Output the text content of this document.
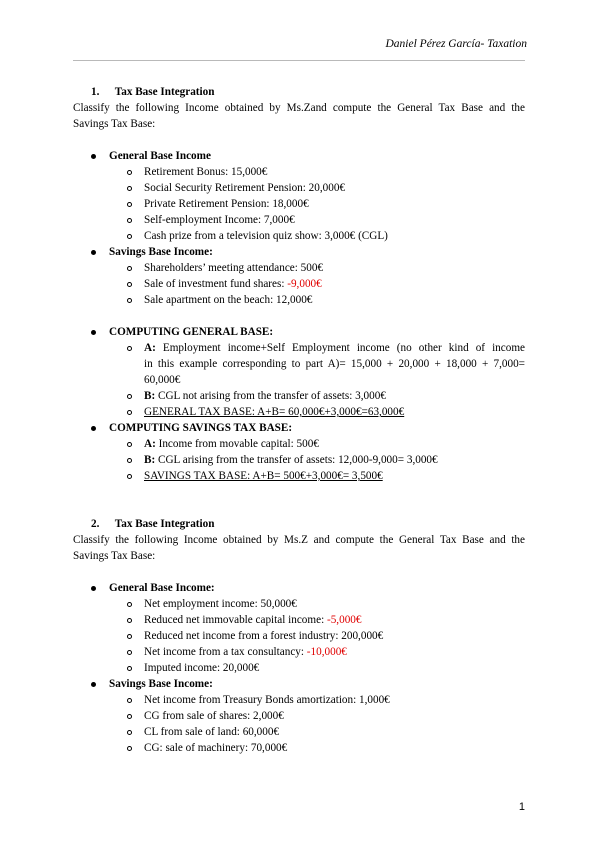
Daniel Pérez García- Taxation
1. Tax Base Integration
Classify the following Income obtained by Ms.Zand compute the General Tax Base and the
Savings Tax Base:
General Base Income
Retirement Bonus: 15,000€
Social Security Retirement Pension: 20,000€
Private Retirement Pension: 18,000€
Self-employment Income: 7,000€
Cash prize from a television quiz show: 3,000€ (CGL)
Savings Base Income:
Shareholders’ meeting attendance: 500€
Sale of investment fund shares: -9,000€
Sale apartment on the beach: 12,000€
COMPUTING GENERAL BASE:
A: Employment income+Self Employment income (no other kind of income
in this example corresponding to part A)= 15,000 + 20,000 + 18,000 + 7,000=
60,000€
B: CGL not arising from the transfer of assets: 3,000€
GENERAL TAX BASE: A+B= 60,000€+3,000€=63,000€
COMPUTING SAVINGS TAX BASE:
A: Income from movable capital: 500€
B: CGL arising from the transfer of assets: 12,000-9,000= 3,000€
SAVINGS TAX BASE: A+B= 500€+3,000€= 3,500€
2. Tax Base Integration
Classify the following Income obtained by Ms.Z and compute the General Tax Base and the
Savings Tax Base:
General Base Income:
Net employment income: 50,000€
Reduced net immovable capital income: -5,000€
Reduced net income from a forest industry: 200,000€
Net income from a tax consultancy: -10,000€
Imputed income: 20,000€
Savings Base Income:
Net income from Treasury Bonds amortization: 1,000€
CG from sale of shares: 2,000€
CL from sale of land: 60,000€
CG: sale of machinery: 70,000€
1
